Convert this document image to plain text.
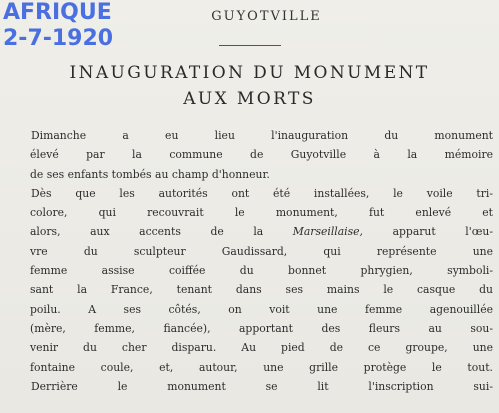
AFRIQUE
2-7-1920
GUYOTVILLE
INAUGURATION DU MONUMENT
AUX MORTS
Dimanche a eu lieu l'inauguration du monument
élevé par la commune de Guyotville à la mémoire
de ses enfants tombés au champ d'honneur.
Dès que les autorités ont été installées, le voile tri-
colore, qui recouvrait le monument, fut enlevé et
alors, aux accents de la	Marseillaise,	apparut l'œu-
vre du sculpteur Gaudissard, qui représente une
femme assise coiffée du bonnet phrygien, symboli-
sant la France, tenant dans ses mains le casque du
poilu. A ses côtés, on voit une femme agenouillée
(mère, femme, fiancée), apportant des fleurs au sou-
venir du cher disparu. Au pied de ce groupe, une
fontaine coule, et, autour, une grille protège le tout.
Derrière le monument se lit l'inscription sui-
